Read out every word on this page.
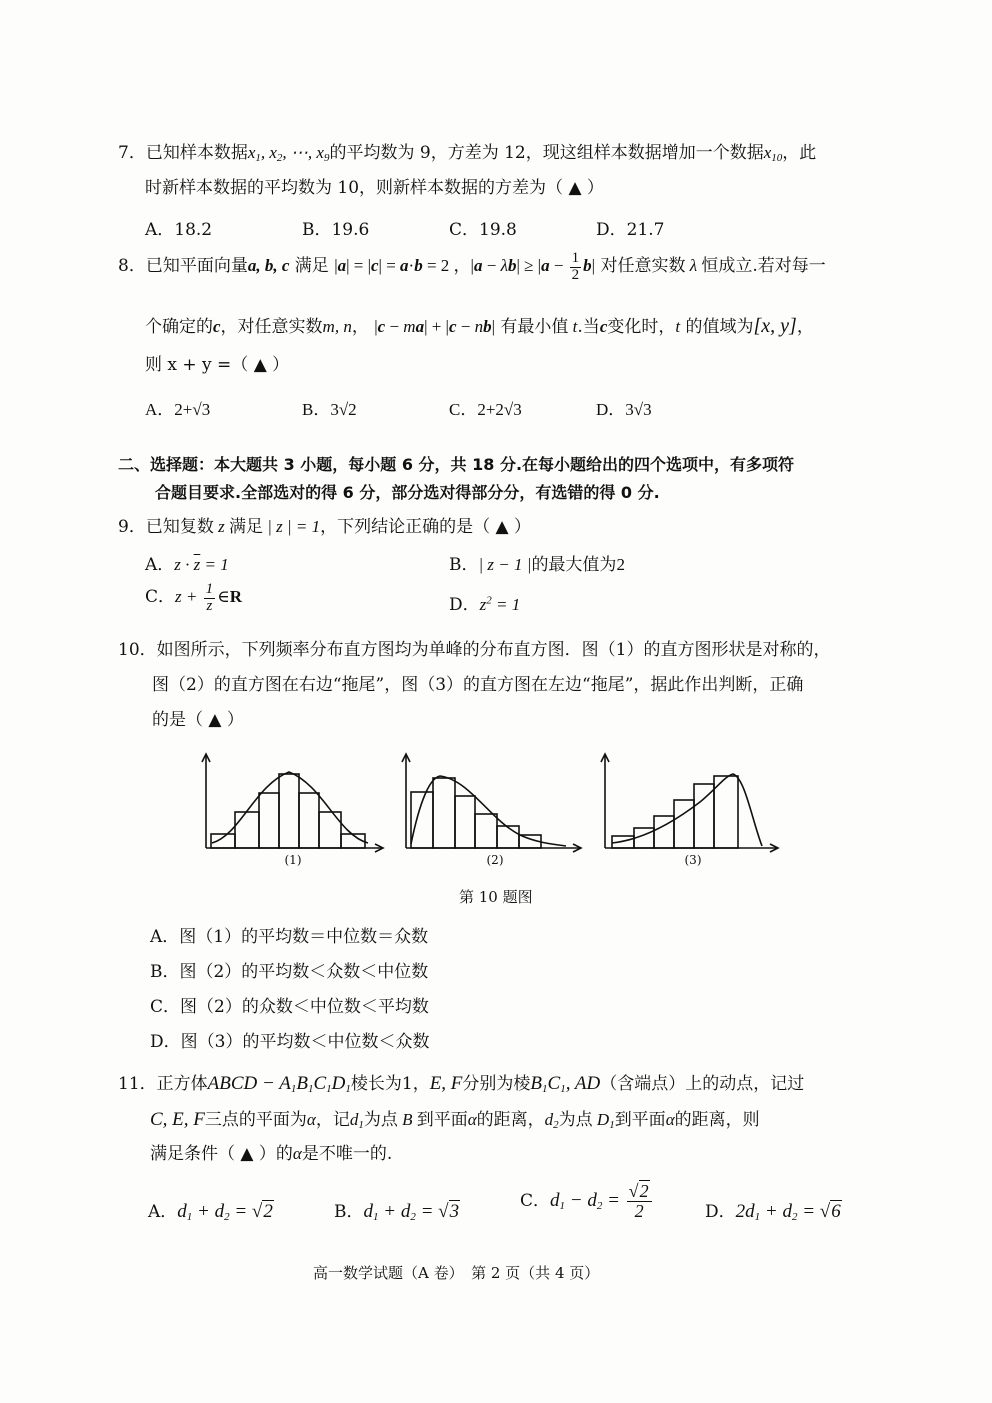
7．已知样本数据$x_1$, $x_2$, ⋯, $x_9$的平均数为 9，方差为 12，现这组样本数据增加一个数据$x_{10}$，此
时新样本数据的平均数为 10，则新样本数据的方差为（ ▲ ）
A．18.2	B．19.6	C．19.8	D．21.7
8．已知平面向量a, b, c 满足 |a| = |c| = a·b = 2 ，$|a - \lambda b| \ge |a - \frac{1}{2} b|$ 对任意实数 λ 恒成立.若对每一
个确定的c，对任意实数m, n， |c − ma| + |c − nb| 有最小值 t.当c变化时，t 的值域为[x, y]，
则 x + y =（ ▲ ）
A．2+√3	B．3√2	C．2+2√3	D．3√3
二、选择题：本大题共 3 小题，每小题 6 分，共 18 分.在每小题给出的四个选项中，有多项符
合题目要求.全部选对的得 6 分，部分选对得部分分，有选错的得 0 分.
9．已知复数 z 满足 | z | = 1，下列结论正确的是（ ▲ ）
A．$z \cdot \overline{z} = 1$	B．| z − 1 |的最大值为2
C．$z + \frac{1}{z}$ ∈R	D．$z^2 = 1$
10．如图所示，下列频率分布直方图均为单峰的分布直方图．图（1）的直方图形状是对称的，
图（2）的直方图在右边“拖尾”，图（3）的直方图在左边“拖尾”，据此作出判断，正确
的是（ ▲ ）
(1)	(2)	(3)
第 10 题图
A．图（1）的平均数＝中位数＝众数
B．图（2）的平均数＜众数＜中位数
C．图（2）的众数＜中位数＜平均数
D．图（3）的平均数＜中位数＜众数
11．正方体ABCD − $A_1B_1C_1D_1$棱长为1，E, F分别为棱$B_1C_1$, AD（含端点）上的动点，记过
C, E, F三点的平面为α，记$d_1$为点 B 到平面α的距离，$d_2$为点 $D_1$到平面α的距离，则
满足条件（ ▲ ）的α是不唯一的.
A．$d_1 + d_2 = √2$	B．$d_1 + d_2 = √3$
C．$d_1 - d_2 = \frac{√2}{2}$	D．$2d_1 + d_2 = √6$
高一数学试题（A 卷）　第 2 页（共 4 页）
